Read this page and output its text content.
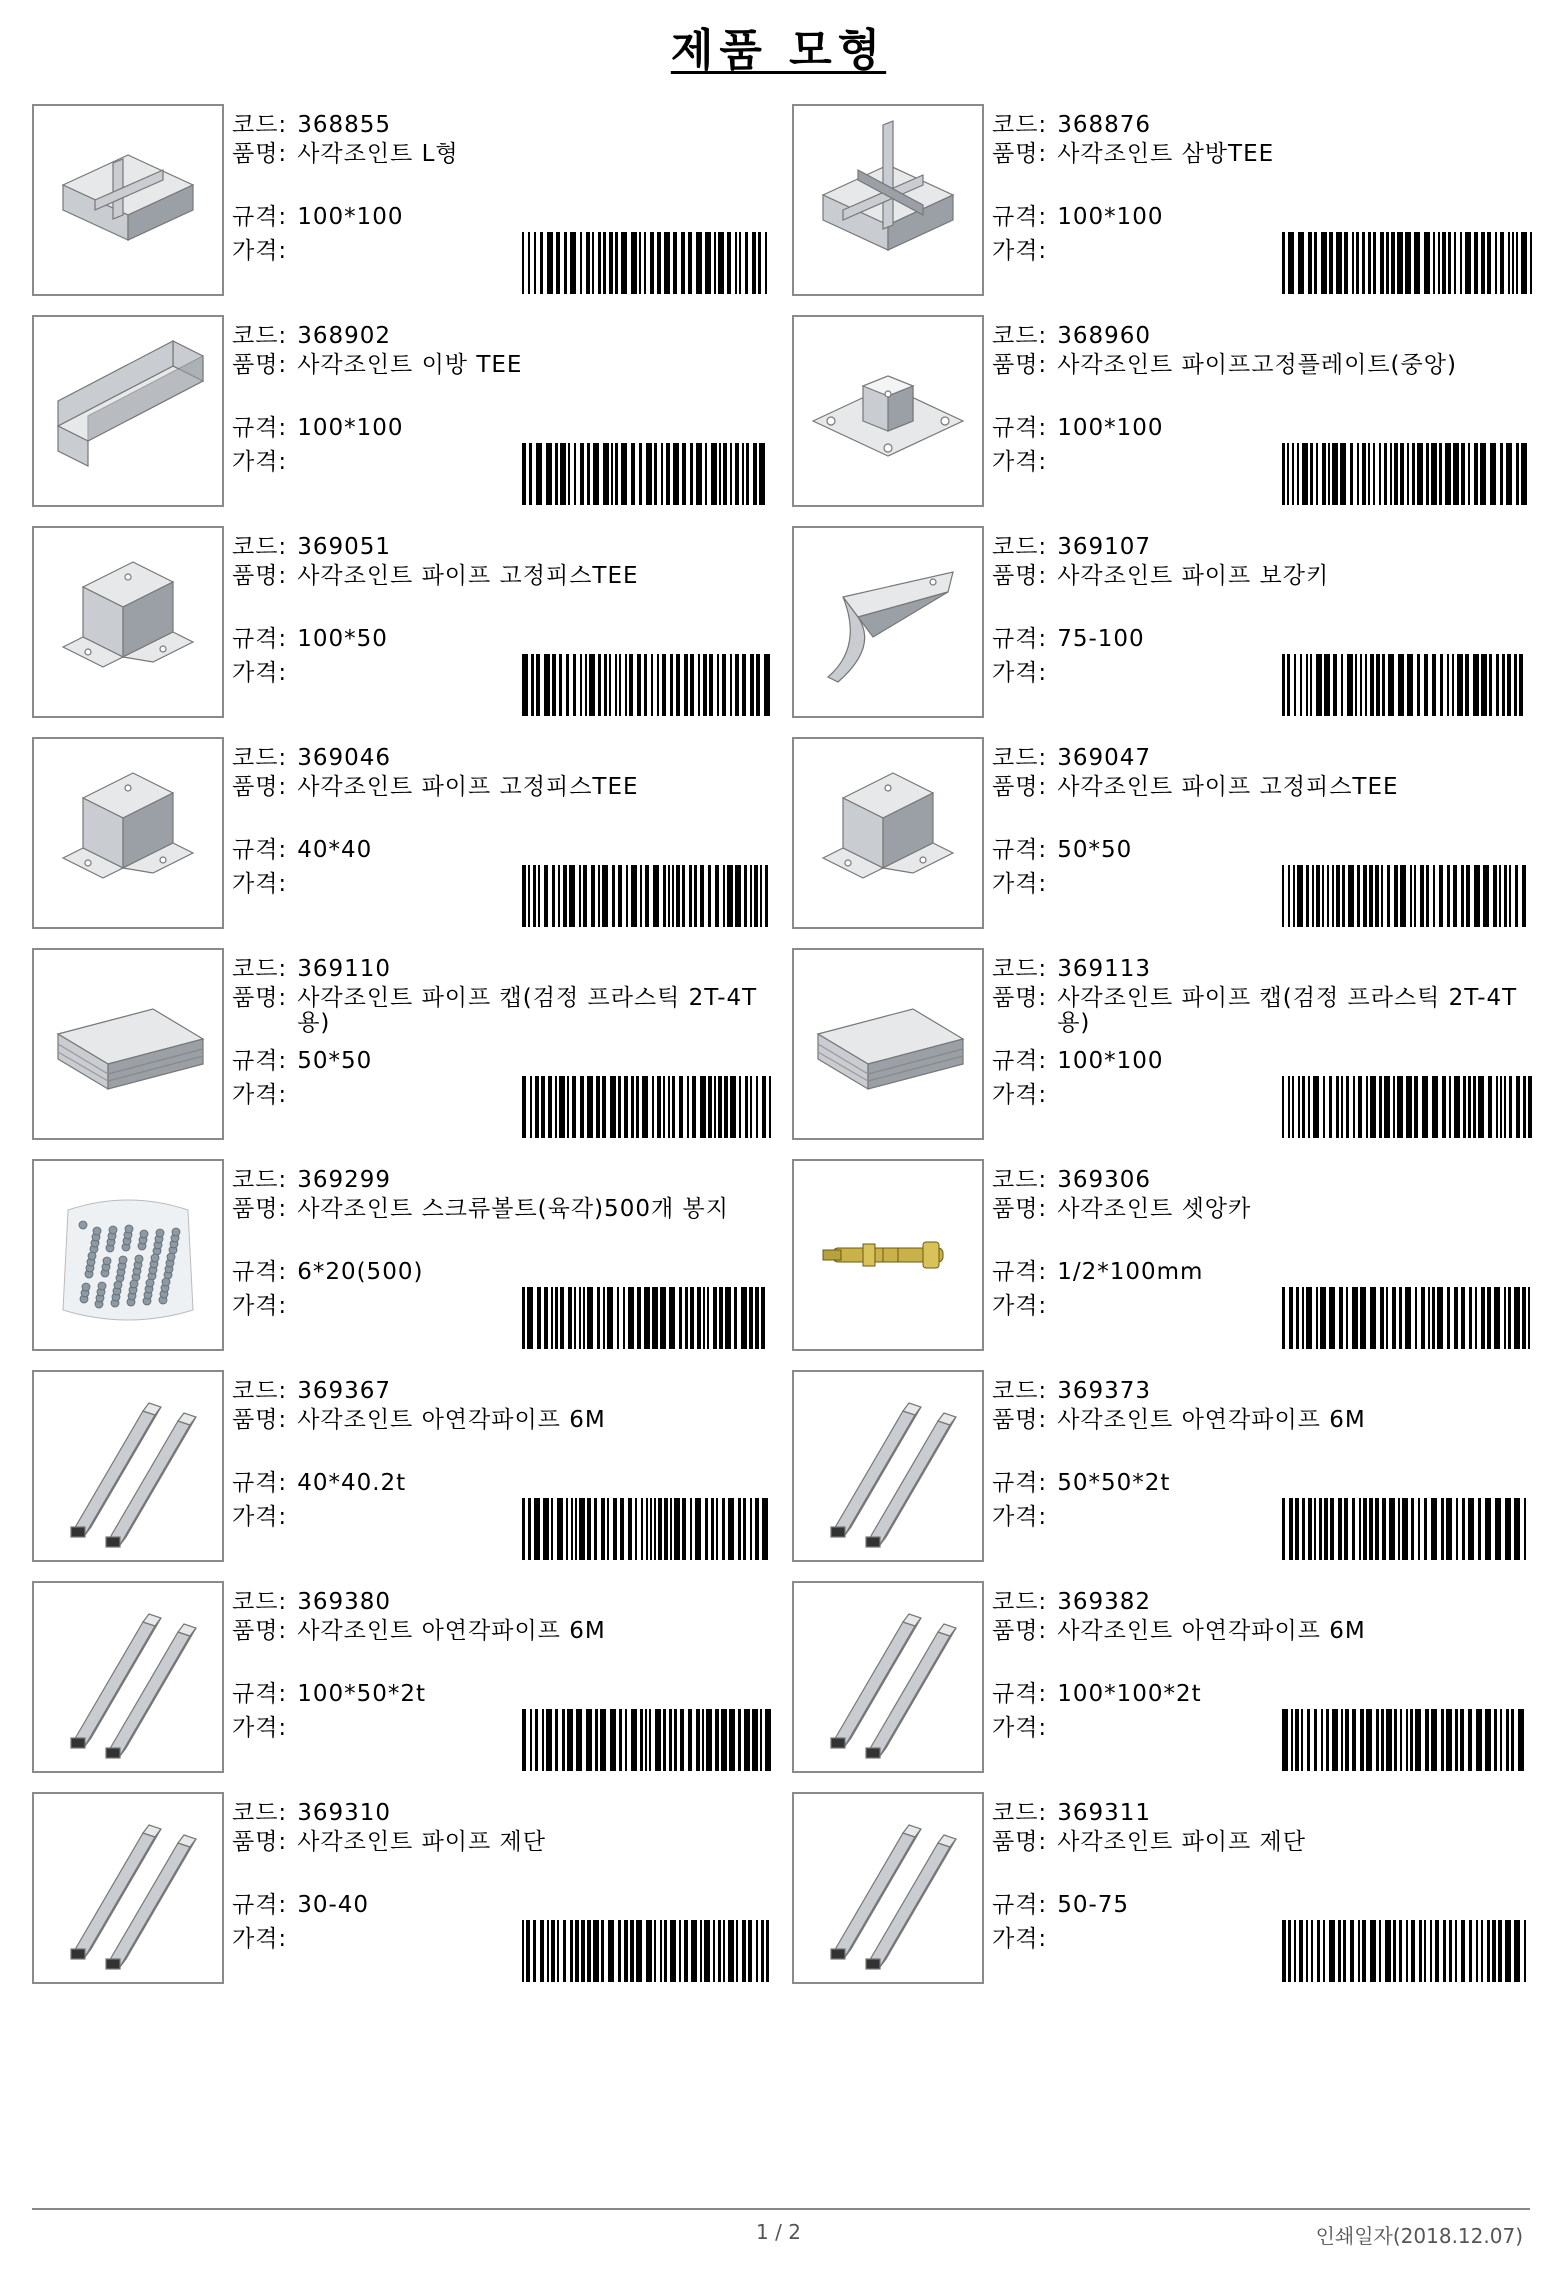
제품 모형
코드: 368855
품명: 사각조인트 L형
규격: 100*100
가격:
코드: 368876
품명: 사각조인트 삼방TEE
규격: 100*100
가격:
코드: 368902
품명: 사각조인트 이방 TEE
규격: 100*100
가격:
코드: 368960
품명: 사각조인트 파이프고정플레이트(중앙)
규격: 100*100
가격:
코드: 369051
품명: 사각조인트 파이프 고정피스TEE
규격: 100*50
가격:
코드: 369107
품명: 사각조인트 파이프 보강키
규격: 75-100
가격:
코드: 369046
품명: 사각조인트 파이프 고정피스TEE
규격: 40*40
가격:
코드: 369047
품명: 사각조인트 파이프 고정피스TEE
규격: 50*50
가격:
코드: 369110
품명: 사각조인트 파이프 캡(검정 프라스틱 2T-4T용)
규격: 50*50
가격:
코드: 369113
품명: 사각조인트 파이프 캡(검정 프라스틱 2T-4T용)
규격: 100*100
가격:
코드: 369299
품명: 사각조인트 스크류볼트(육각)500개 봉지
규격: 6*20(500)
가격:
코드: 369306
품명: 사각조인트 셋앙카
규격: 1/2*100mm
가격:
코드: 369367
품명: 사각조인트 아연각파이프 6M
규격: 40*40.2t
가격:
코드: 369373
품명: 사각조인트 아연각파이프 6M
규격: 50*50*2t
가격:
코드: 369380
품명: 사각조인트 아연각파이프 6M
규격: 100*50*2t
가격:
코드: 369382
품명: 사각조인트 아연각파이프 6M
규격: 100*100*2t
가격:
코드: 369310
품명: 사각조인트 파이프 제단
규격: 30-40
가격:
코드: 369311
품명: 사각조인트 파이프 제단
규격: 50-75
가격:
1 / 2	인쇄일자(2018.12.07)
